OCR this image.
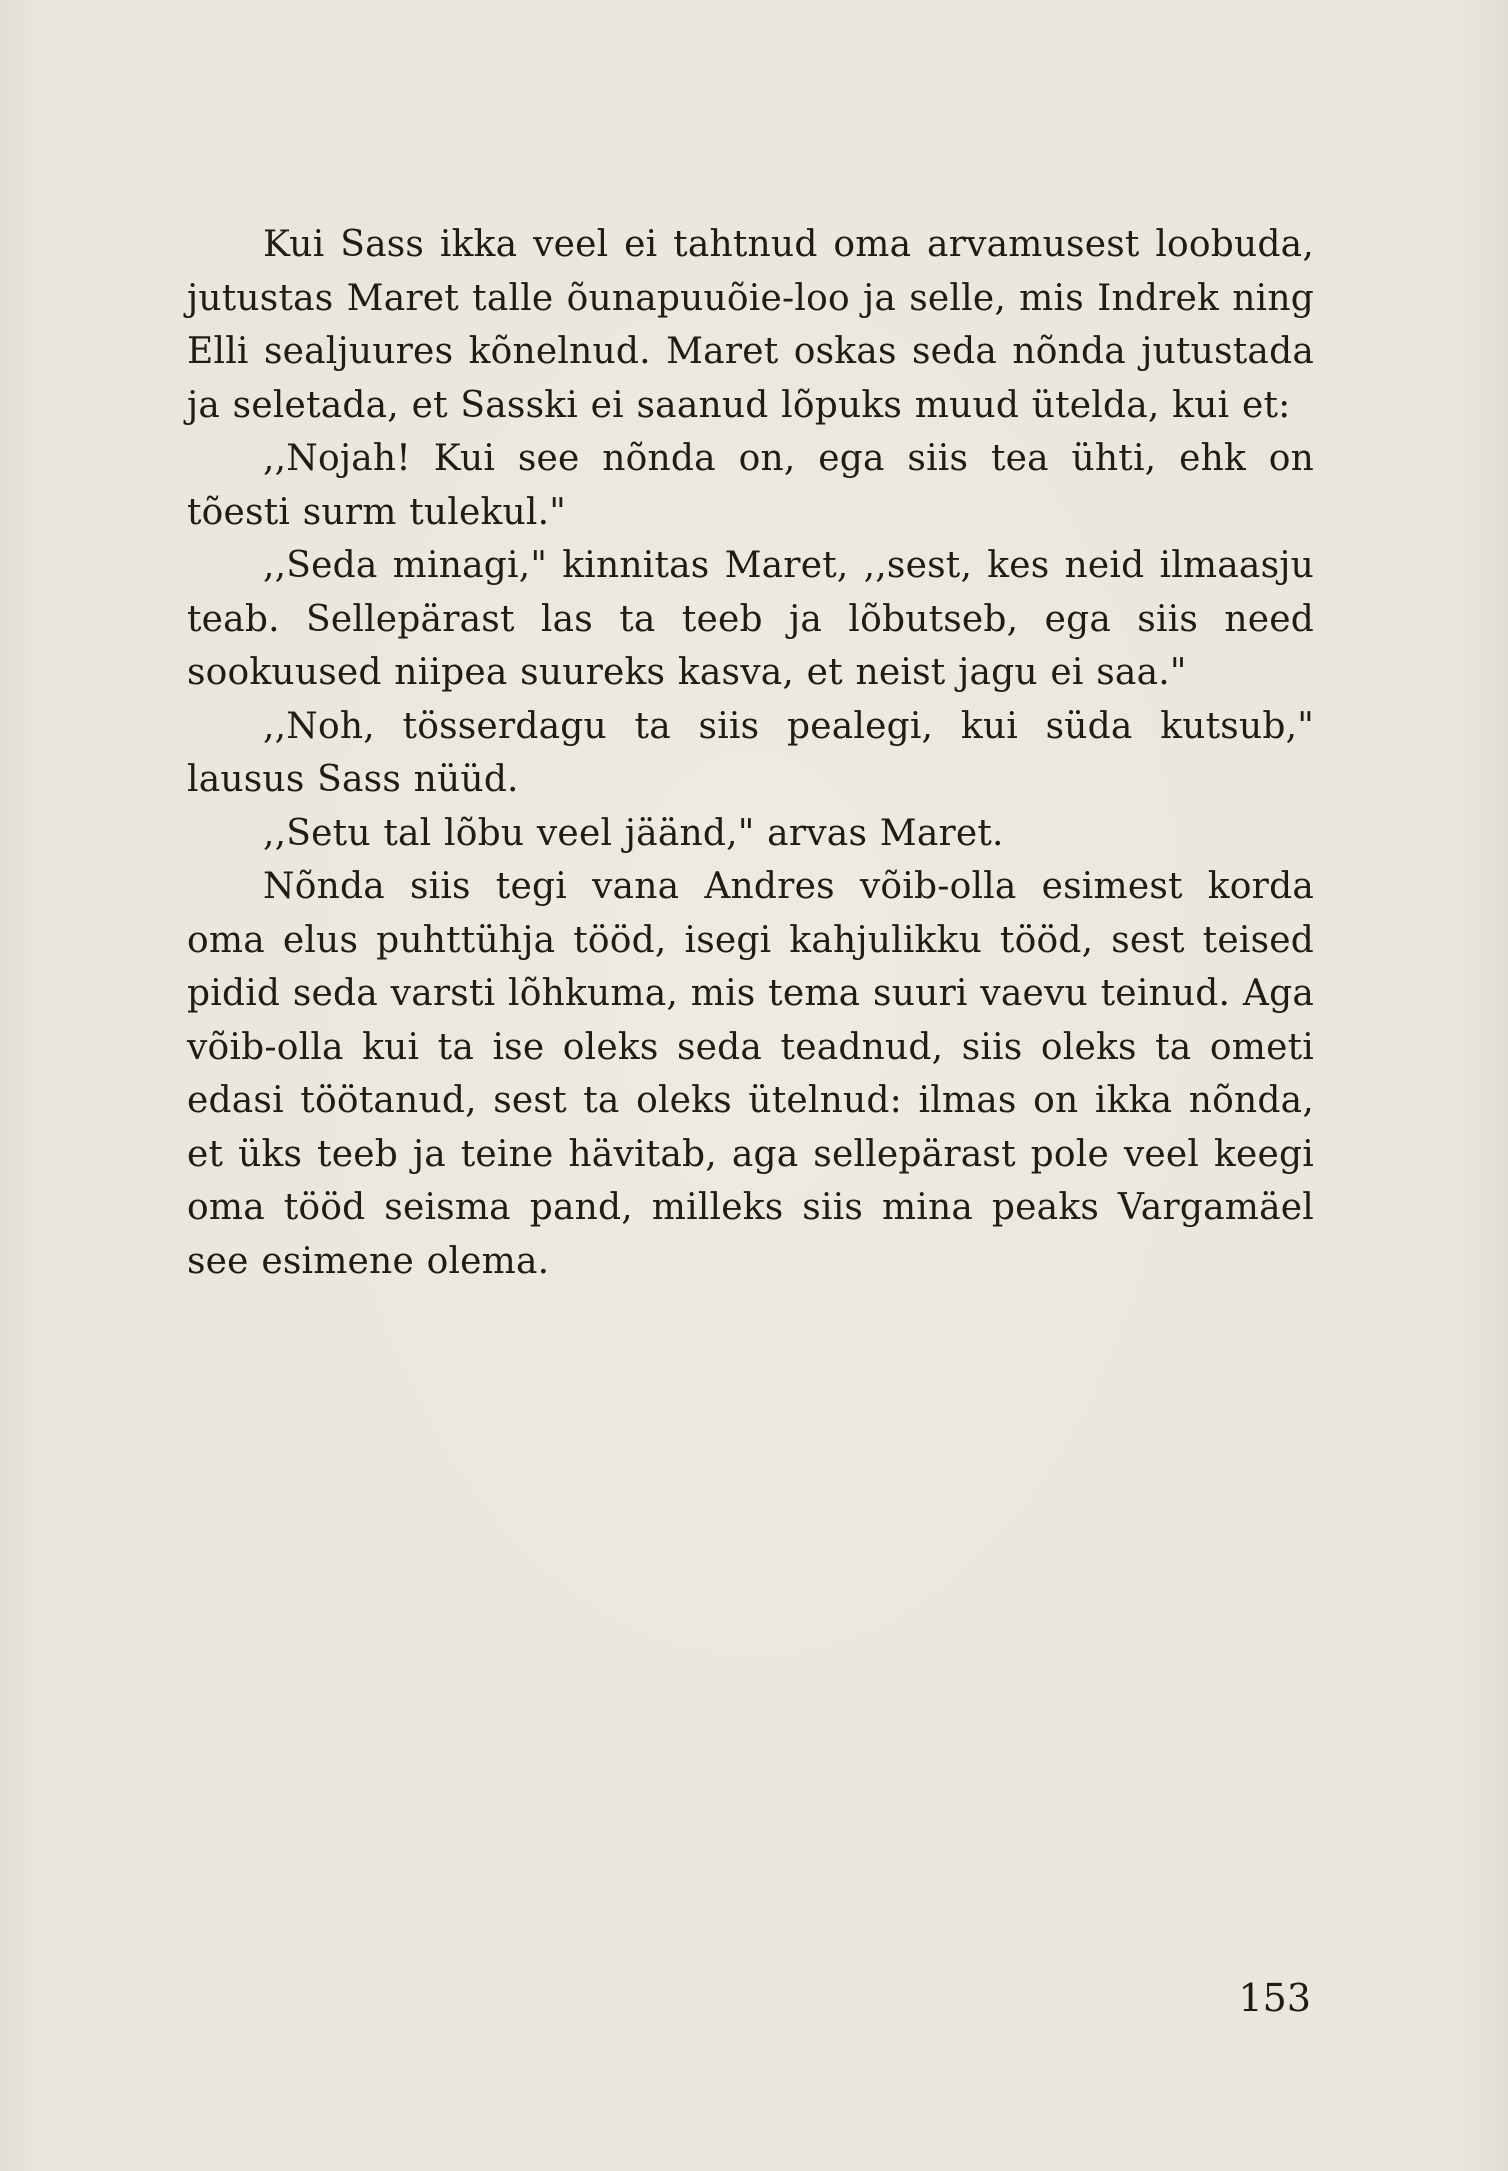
Kui Sass ikka veel ei tahtnud oma arvamusest loobuda, jutustas Maret talle õunapuuõie-loo ja selle, mis Indrek ning Elli sealjuures kõnelnud. Maret oskas seda nõnda jutustada ja seletada, et Sasski ei saanud lõpuks muud ütelda, kui et:

,,Nojah! Kui see nõnda on, ega siis tea ühti, ehk on tõesti surm tulekul."

,,Seda minagi," kinnitas Maret, ,,sest, kes neid ilmaasju teab. Sellepärast las ta teeb ja lõbutseb, ega siis need sookuused niipea suureks kasva, et neist jagu ei saa."

,,Noh, tösserdagu ta siis pealegi, kui süda kutsub," lausus Sass nüüd.

,,Setu tal lõbu veel jäänd," arvas Maret.

Nõnda siis tegi vana Andres võib-olla esimest korda oma elus puhttühja tööd, isegi kahjulikku tööd, sest teised pidid seda varsti lõhkuma, mis tema suuri vaevu teinud. Aga võib-olla kui ta ise oleks seda teadnud, siis oleks ta ometi edasi töötanud, sest ta oleks ütelnud: ilmas on ikka nõnda, et üks teeb ja teine hävitab, aga sellepärast pole veel keegi oma tööd seisma pand, milleks siis mina peaks Vargamäel see esimene olema.

153
